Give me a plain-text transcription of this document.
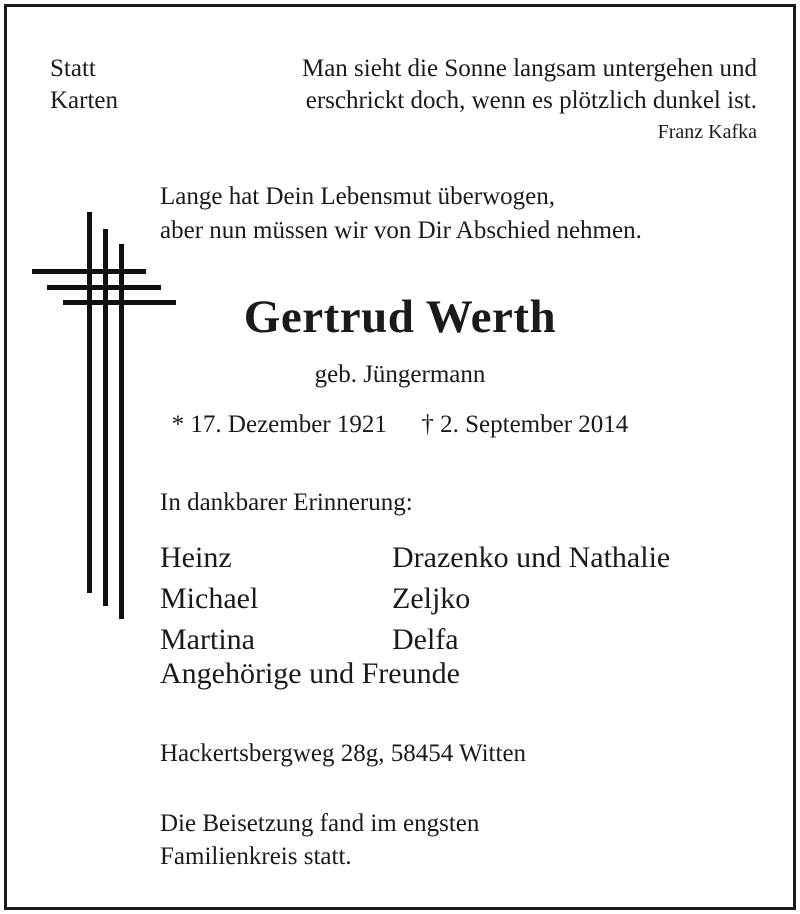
Statt
Karten
Man sieht die Sonne langsam untergehen und
erschrickt doch, wenn es plötzlich dunkel ist.
Franz Kafka
Lange hat Dein Lebensmut überwogen,
aber nun müssen wir von Dir Abschied nehmen.
Gertrud Werth
geb. Jüngermann
* 17. Dezember 1921 † 2. September 2014
In dankbarer Erinnerung:
Heinz	Drazenko und Nathalie
Michael	Zeljko
Martina	Delfa
Angehörige und Freunde
Hackertsbergweg 28g, 58454 Witten
Die Beisetzung fand im engsten
Familienkreis statt.
